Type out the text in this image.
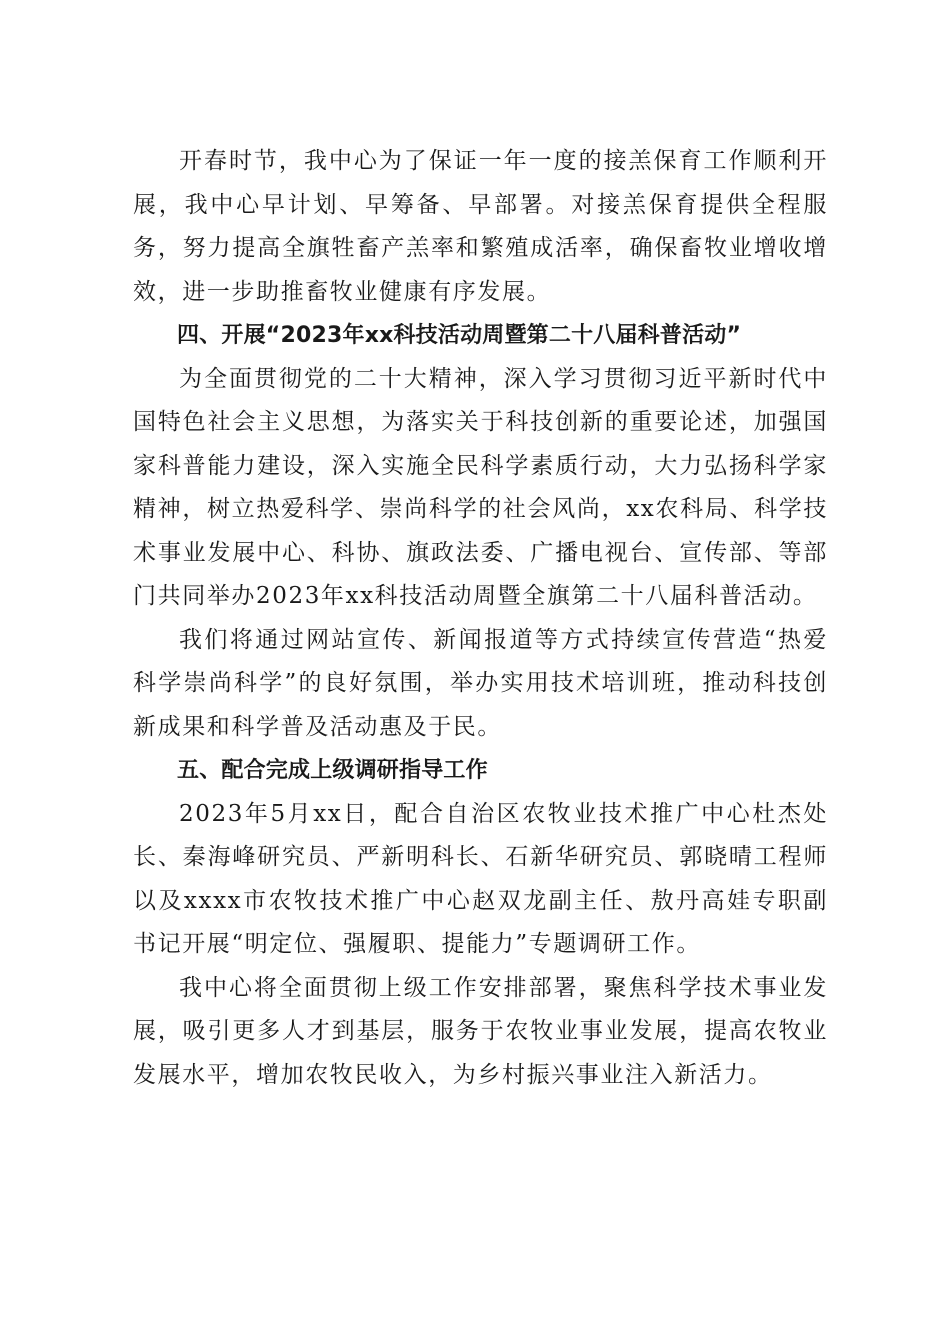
开春时节，我中心为了保证一年一度的接羔保育工作顺利开展，我中心早计划、早筹备、早部署。对接羔保育提供全程服务，努力提高全旗牲畜产羔率和繁殖成活率，确保畜牧业增收增效，进一步助推畜牧业健康有序发展。

四、开展“2023年xx科技活动周暨第二十八届科普活动”

为全面贯彻党的二十大精神，深入学习贯彻习近平新时代中国特色社会主义思想，为落实关于科技创新的重要论述，加强国家科普能力建设，深入实施全民科学素质行动，大力弘扬科学家精神，树立热爱科学、崇尚科学的社会风尚，xx农科局、科学技术事业发展中心、科协、旗政法委、广播电视台、宣传部、等部门共同举办2023年xx科技活动周暨全旗第二十八届科普活动。

我们将通过网站宣传、新闻报道等方式持续宣传营造“热爱科学崇尚科学”的良好氛围，举办实用技术培训班，推动科技创新成果和科学普及活动惠及于民。

五、配合完成上级调研指导工作

2023年5月xx日，配合自治区农牧业技术推广中心杜杰处长、秦海峰研究员、严新明科长、石新华研究员、郭晓晴工程师以及xxxx市农牧技术推广中心赵双龙副主任、敖丹高娃专职副书记开展“明定位、强履职、提能力”专题调研工作。

我中心将全面贯彻上级工作安排部署，聚焦科学技术事业发展，吸引更多人才到基层，服务于农牧业事业发展，提高农牧业发展水平，增加农牧民收入，为乡村振兴事业注入新活力。
